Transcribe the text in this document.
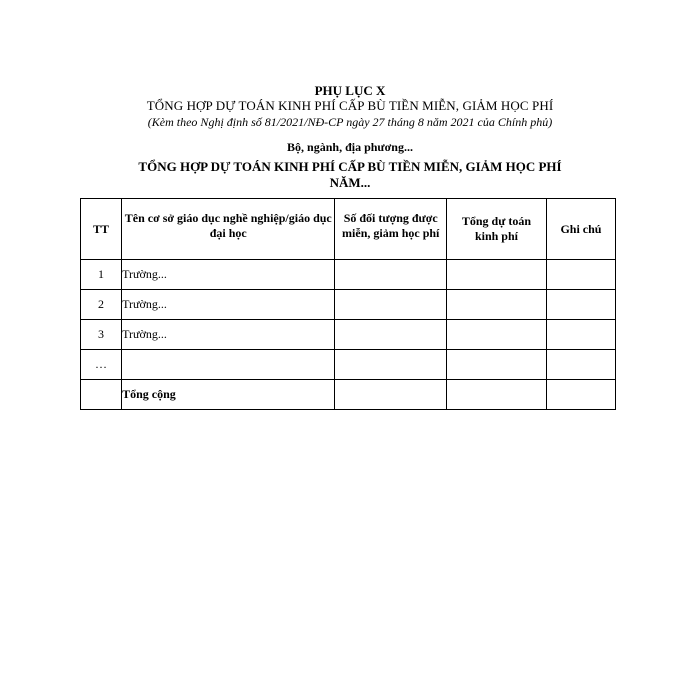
PHỤ LỤC X
TỔNG HỢP DỰ TOÁN KINH PHÍ CẤP BÙ TIỀN MIỄN, GIẢM HỌC PHÍ
(Kèm theo Nghị định số 81/2021/NĐ-CP ngày 27 tháng 8 năm 2021 của Chính phủ)
Bộ, ngành, địa phương...
TỔNG HỢP DỰ TOÁN KINH PHÍ CẤP BÙ TIỀN MIỄN, GIẢM HỌC PHÍ
NĂM...
TT	Tên cơ sở giáo dục nghề nghiệp/giáo dục đại học	Số đối tượng được miễn, giảm học phí	Tổng dự toán kinh phí	Ghi chú
1	Trường...			
2	Trường...			
3	Trường...			
…				
	Tổng cộng			
